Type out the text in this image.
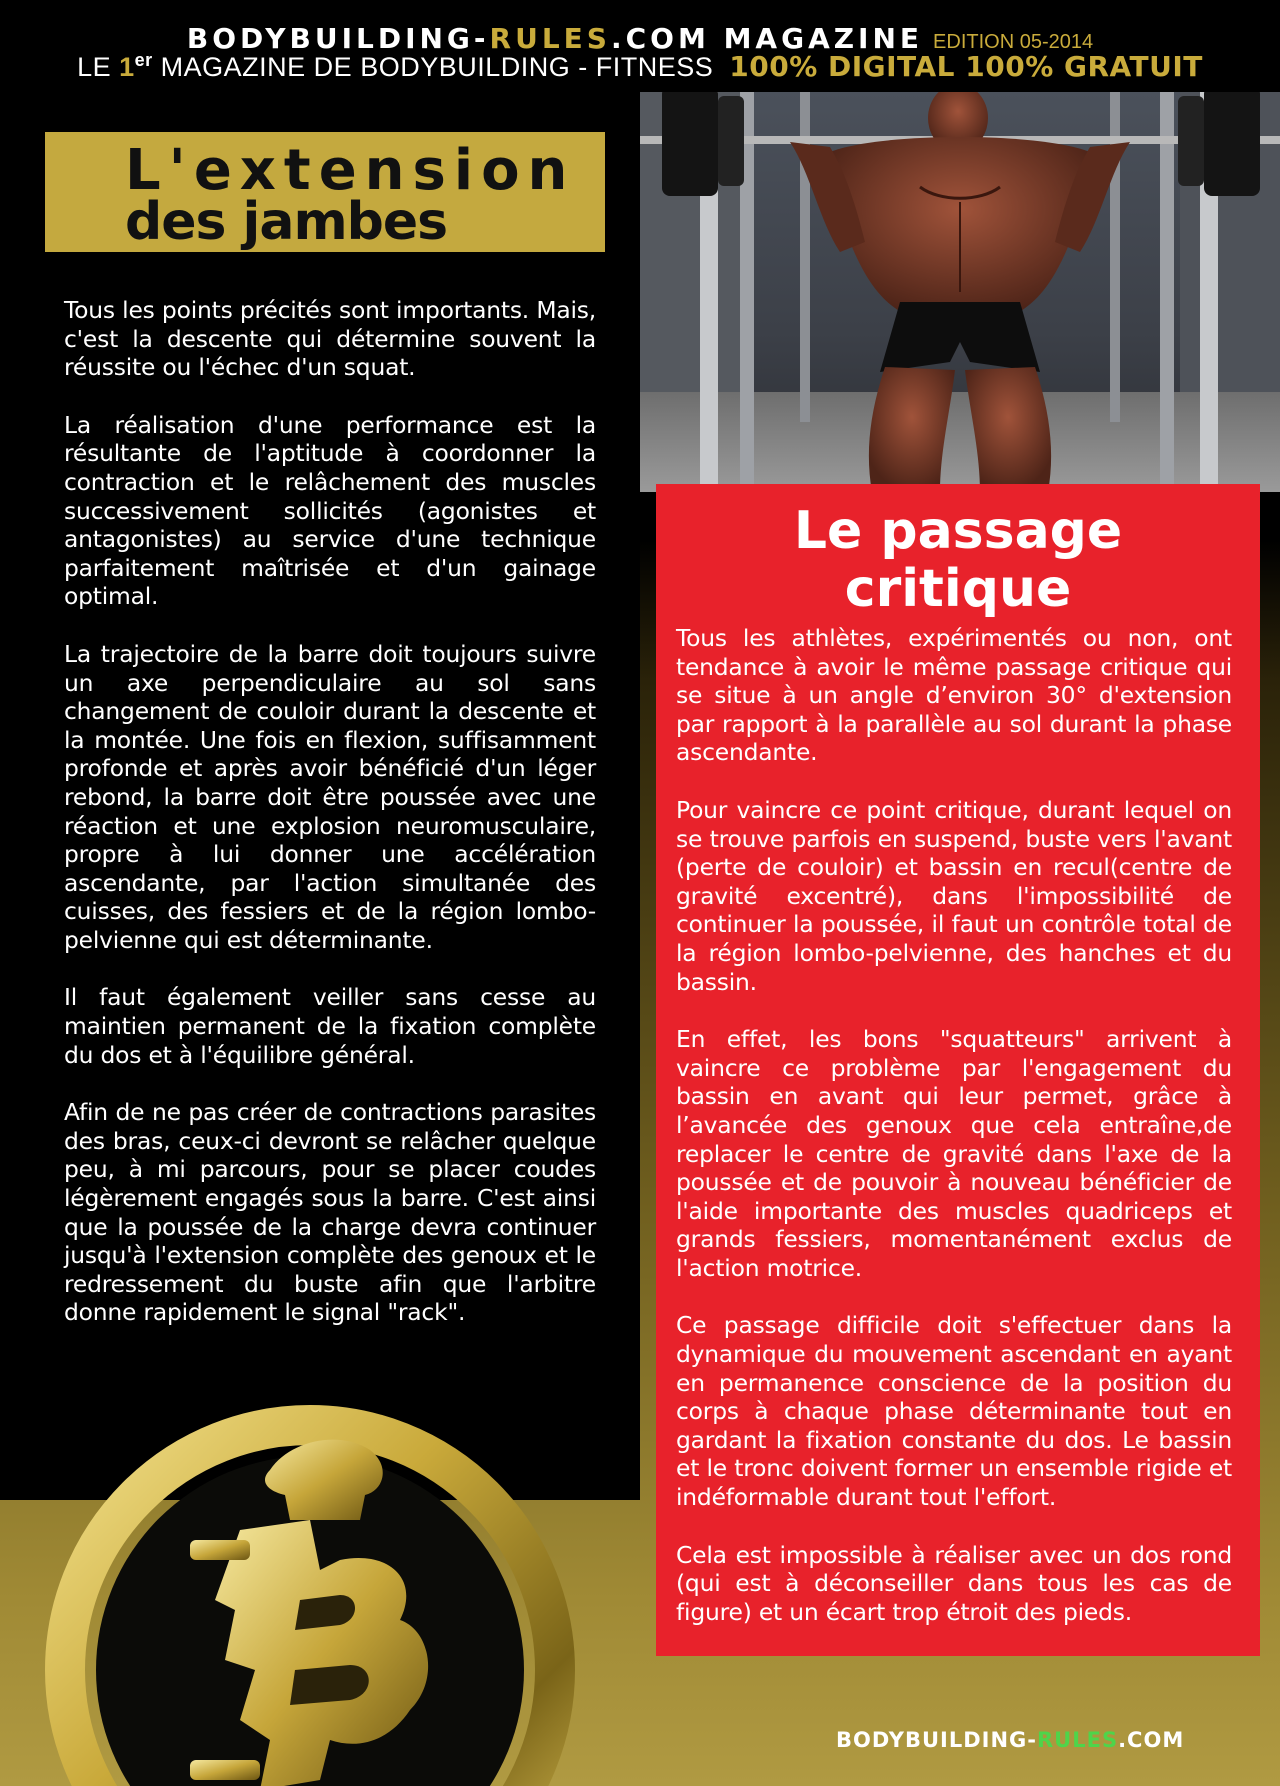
BODYBUILDING-RULES.COM MAGAZINE EDITION 05-2014
LE 1er MAGAZINE DE BODYBUILDING - FITNESS 100% DIGITAL 100% GRATUIT
L'extension
des jambes

Tous les points précités sont importants. Mais, c'est la descente qui détermine souvent la réussite ou l'échec d'un squat.

La réalisation d'une performance est la résultante de l'aptitude à coordonner la contraction et le relâchement des muscles successivement sollicités (agonistes et antagonistes) au service d'une technique parfaitement maîtrisée et d'un gainage optimal.

La trajectoire de la barre doit toujours suivre un axe perpendiculaire au sol sans changement de couloir durant la descente et la montée. Une fois en flexion, suffisamment profonde et après avoir bénéficié d'un léger rebond, la barre doit être poussée avec une réaction et une explosion neuromusculaire, propre à lui donner une accélération ascendante, par l'action simultanée des cuisses, des fessiers et de la région lombo-pelvienne qui est déterminante.

Il faut également veiller sans cesse au maintien permanent de la fixation complète du dos et à l'équilibre général.

Afin de ne pas créer de contractions parasites des bras, ceux-ci devront se relâcher quelque peu, à mi parcours, pour se placer coudes légèrement engagés sous la barre. C'est ainsi que la poussée de la charge devra continuer jusqu'à l'extension complète des genoux et le redressement du buste afin que l'arbitre donne rapidement le signal "rack".

Le passage
critique

Tous les athlètes, expérimentés ou non, ont tendance à avoir le même passage critique qui se situe à un angle d’environ 30° d'extension par rapport à la parallèle au sol durant la phase ascendante.

Pour vaincre ce point critique, durant lequel on se trouve parfois en suspend, buste vers l'avant (perte de couloir) et bassin en recul(centre de gravité excentré), dans l'impossibilité de continuer la poussée, il faut un contrôle total de la région lombo-pelvienne, des hanches et du bassin.

En effet, les bons "squatteurs" arrivent à vaincre ce problème par l'engagement du bassin en avant qui leur permet, grâce à l’avancée des genoux que cela entraîne,de replacer le centre de gravité dans l'axe de la poussée et de pouvoir à nouveau bénéficier de l'aide importante des muscles quadriceps et grands fessiers, momentanément exclus de l'action motrice.

Ce passage difficile doit s'effectuer dans la dynamique du mouvement ascendant en ayant en permanence conscience de la position du corps à chaque phase déterminante tout en gardant la fixation constante du dos. Le bassin et le tronc doivent former un ensemble rigide et indéformable durant tout l'effort.

Cela est impossible à réaliser avec un dos rond (qui est à déconseiller dans tous les cas de figure) et un écart trop étroit des pieds.

BODYBUILDING-RULES.COM
